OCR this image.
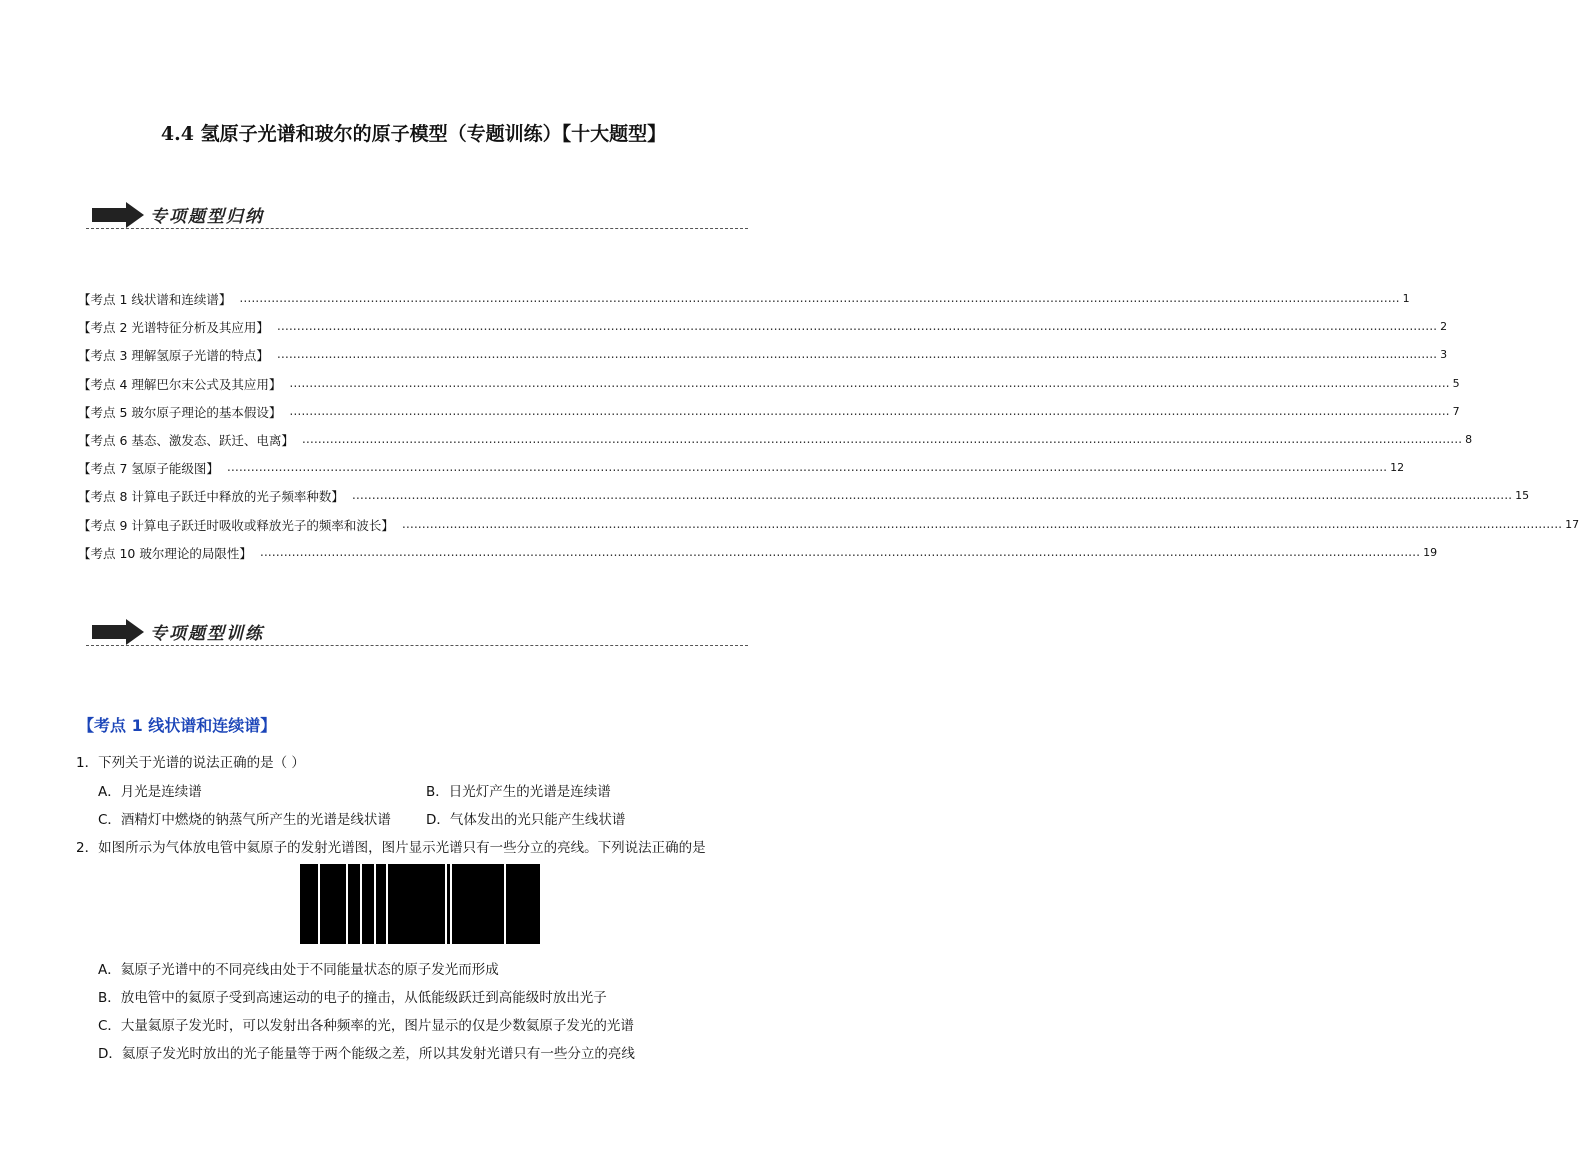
4.4 氢原子光谱和玻尔的原子模型（专题训练）【十大题型】
专项题型归纳
【考点 1 线状谱和连续谱】 .................................................................................................................................................................................................................................................................................................... 1
【考点 2 光谱特征分析及其应用】 .................................................................................................................................................................................................................................................................................................... 2
【考点 3 理解氢原子光谱的特点】 .................................................................................................................................................................................................................................................................................................... 3
【考点 4 理解巴尔末公式及其应用】 .................................................................................................................................................................................................................................................................................................... 5
【考点 5 玻尔原子理论的基本假设】 .................................................................................................................................................................................................................................................................................................... 7
【考点 6 基态、激发态、跃迁、电离】 .................................................................................................................................................................................................................................................................................................... 8
【考点 7 氢原子能级图】 .................................................................................................................................................................................................................................................................................................... 12
【考点 8 计算电子跃迁中释放的光子频率种数】 .................................................................................................................................................................................................................................................................................................... 15
【考点 9 计算电子跃迁时吸收或释放光子的频率和波长】 .................................................................................................................................................................................................................................................................................................... 17
【考点 10 玻尔理论的局限性】 .................................................................................................................................................................................................................................................................................................... 19
专项题型训练
【考点 1 线状谱和连续谱】
1．下列关于光谱的说法正确的是（ ）
A．月光是连续谱	B．日光灯产生的光谱是连续谱
C．酒精灯中燃烧的钠蒸气所产生的光谱是线状谱	D．气体发出的光只能产生线状谱
2．如图所示为气体放电管中氦原子的发射光谱图，图片显示光谱只有一些分立的亮线。下列说法正确的是
A．氦原子光谱中的不同亮线由处于不同能量状态的原子发光而形成
B．放电管中的氦原子受到高速运动的电子的撞击，从低能级跃迁到高能级时放出光子
C．大量氦原子发光时，可以发射出各种频率的光，图片显示的仅是少数氦原子发光的光谱
D．氦原子发光时放出的光子能量等于两个能级之差，所以其发射光谱只有一些分立的亮线
